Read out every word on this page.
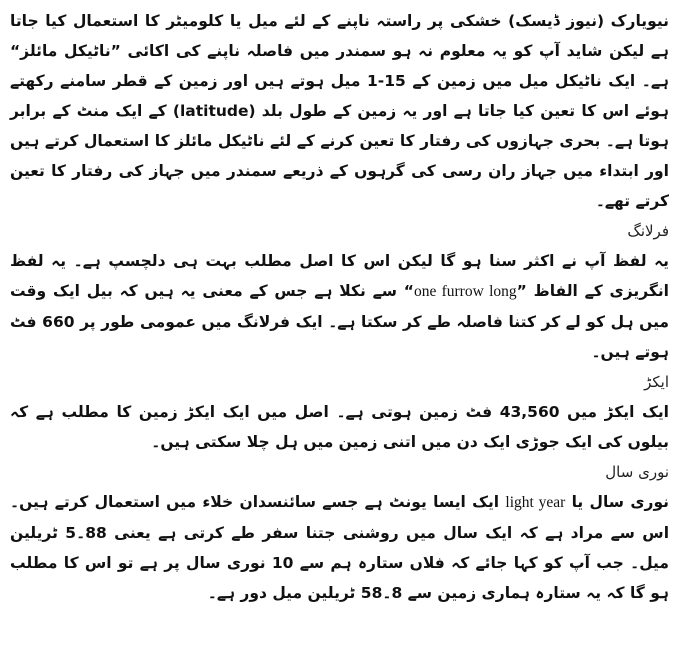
نیویارک (نیوز ڈیسک) خشکی پر راستہ ناپنے کے لئے میل یا کلومیٹر کا استعمال کیا جاتا ہے لیکن شاید آپ کو یہ معلوم نہ ہو سمندر میں فاصلہ ناپنے کی اکائی ”ناٹیکل مائلز“ ہے۔ ایک ناٹیکل میل میں زمین کے 15-1 میل ہوتے ہیں اور زمین کے قطر سامنے رکھتے ہوئے اس کا تعین کیا جاتا ہے اور یہ زمین کے طول بلد (latitude) کے ایک منٹ کے برابر ہوتا ہے۔ بحری جہازوں کی رفتار کا تعین کرنے کے لئے ناٹیکل مائلز کا استعمال کرتے ہیں اور ابتداء میں جہاز ران رسی کی گرہوں کے ذریعے سمندر میں جہاز کی رفتار کا تعین کرتے تھے۔

فرلانگ

یہ لفظ آپ نے اکثر سنا ہو گا لیکن اس کا اصل مطلب بہت ہی دلچسپ ہے۔ یہ لفظ انگریزی کے الفاظ ”one furrow long“ سے نکلا ہے جس کے معنی یہ ہیں کہ بیل ایک وقت میں ہل کو لے کر کتنا فاصلہ طے کر سکتا ہے۔ ایک فرلانگ میں عمومی طور پر 660 فٹ ہوتے ہیں۔

ایکڑ

ایک ایکڑ میں 43,560 فٹ زمین ہوتی ہے۔ اصل میں ایک ایکڑ زمین کا مطلب ہے کہ بیلوں کی ایک جوڑی ایک دن میں اتنی زمین میں ہل چلا سکتی ہیں۔

نوری سال

نوری سال یا light year ایک ایسا یونٹ ہے جسے سائنسدان خلاء میں استعمال کرتے ہیں۔ اس سے مراد ہے کہ ایک سال میں روشنی جتنا سفر طے کرتی ہے یعنی 88۔5 ٹریلین میل۔ جب آپ کو کہا جائے کہ فلاں ستارہ ہم سے 10 نوری سال پر ہے تو اس کا مطلب ہو گا کہ یہ ستارہ ہماری زمین سے 8۔58 ٹریلین میل دور ہے۔
